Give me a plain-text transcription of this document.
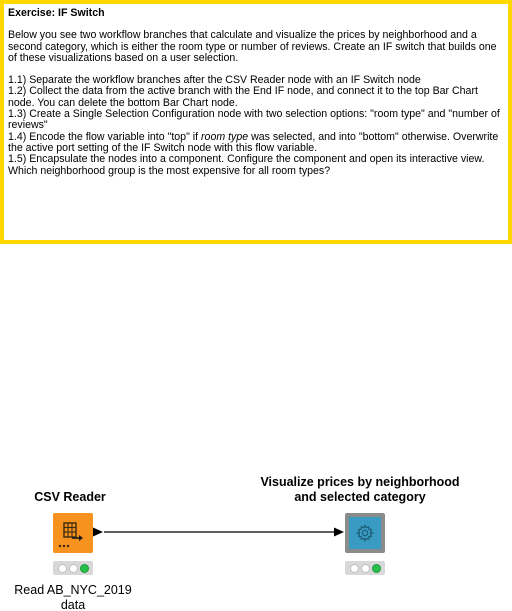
Exercise: IF Switch
Below you see two workflow branches that calculate and visualize the prices by neighborhood and a second category, which is either the room type or number of reviews. Create an IF switch that builds one of these visualizations based on a user selection.
1.1) Separate the workflow branches after the CSV Reader node with an IF Switch node
1.2) Collect the data from the active branch with the End IF node, and connect it to the top Bar Chart node. You can delete the bottom Bar Chart node.
1.3) Create a Single Selection Configuration node with two selection options: "room type" and "number of reviews"
1.4) Encode the flow variable into "top" if room type was selected, and into "bottom" otherwise. Overwrite the active port setting of the IF Switch node with this flow variable.
1.5) Encapsulate the nodes into a component. Configure the component and open its interactive view. Which neighborhood group is the most expensive for all room types?
CSV Reader
Read AB_NYC_2019
data
Visualize prices by neighborhood
and selected category
